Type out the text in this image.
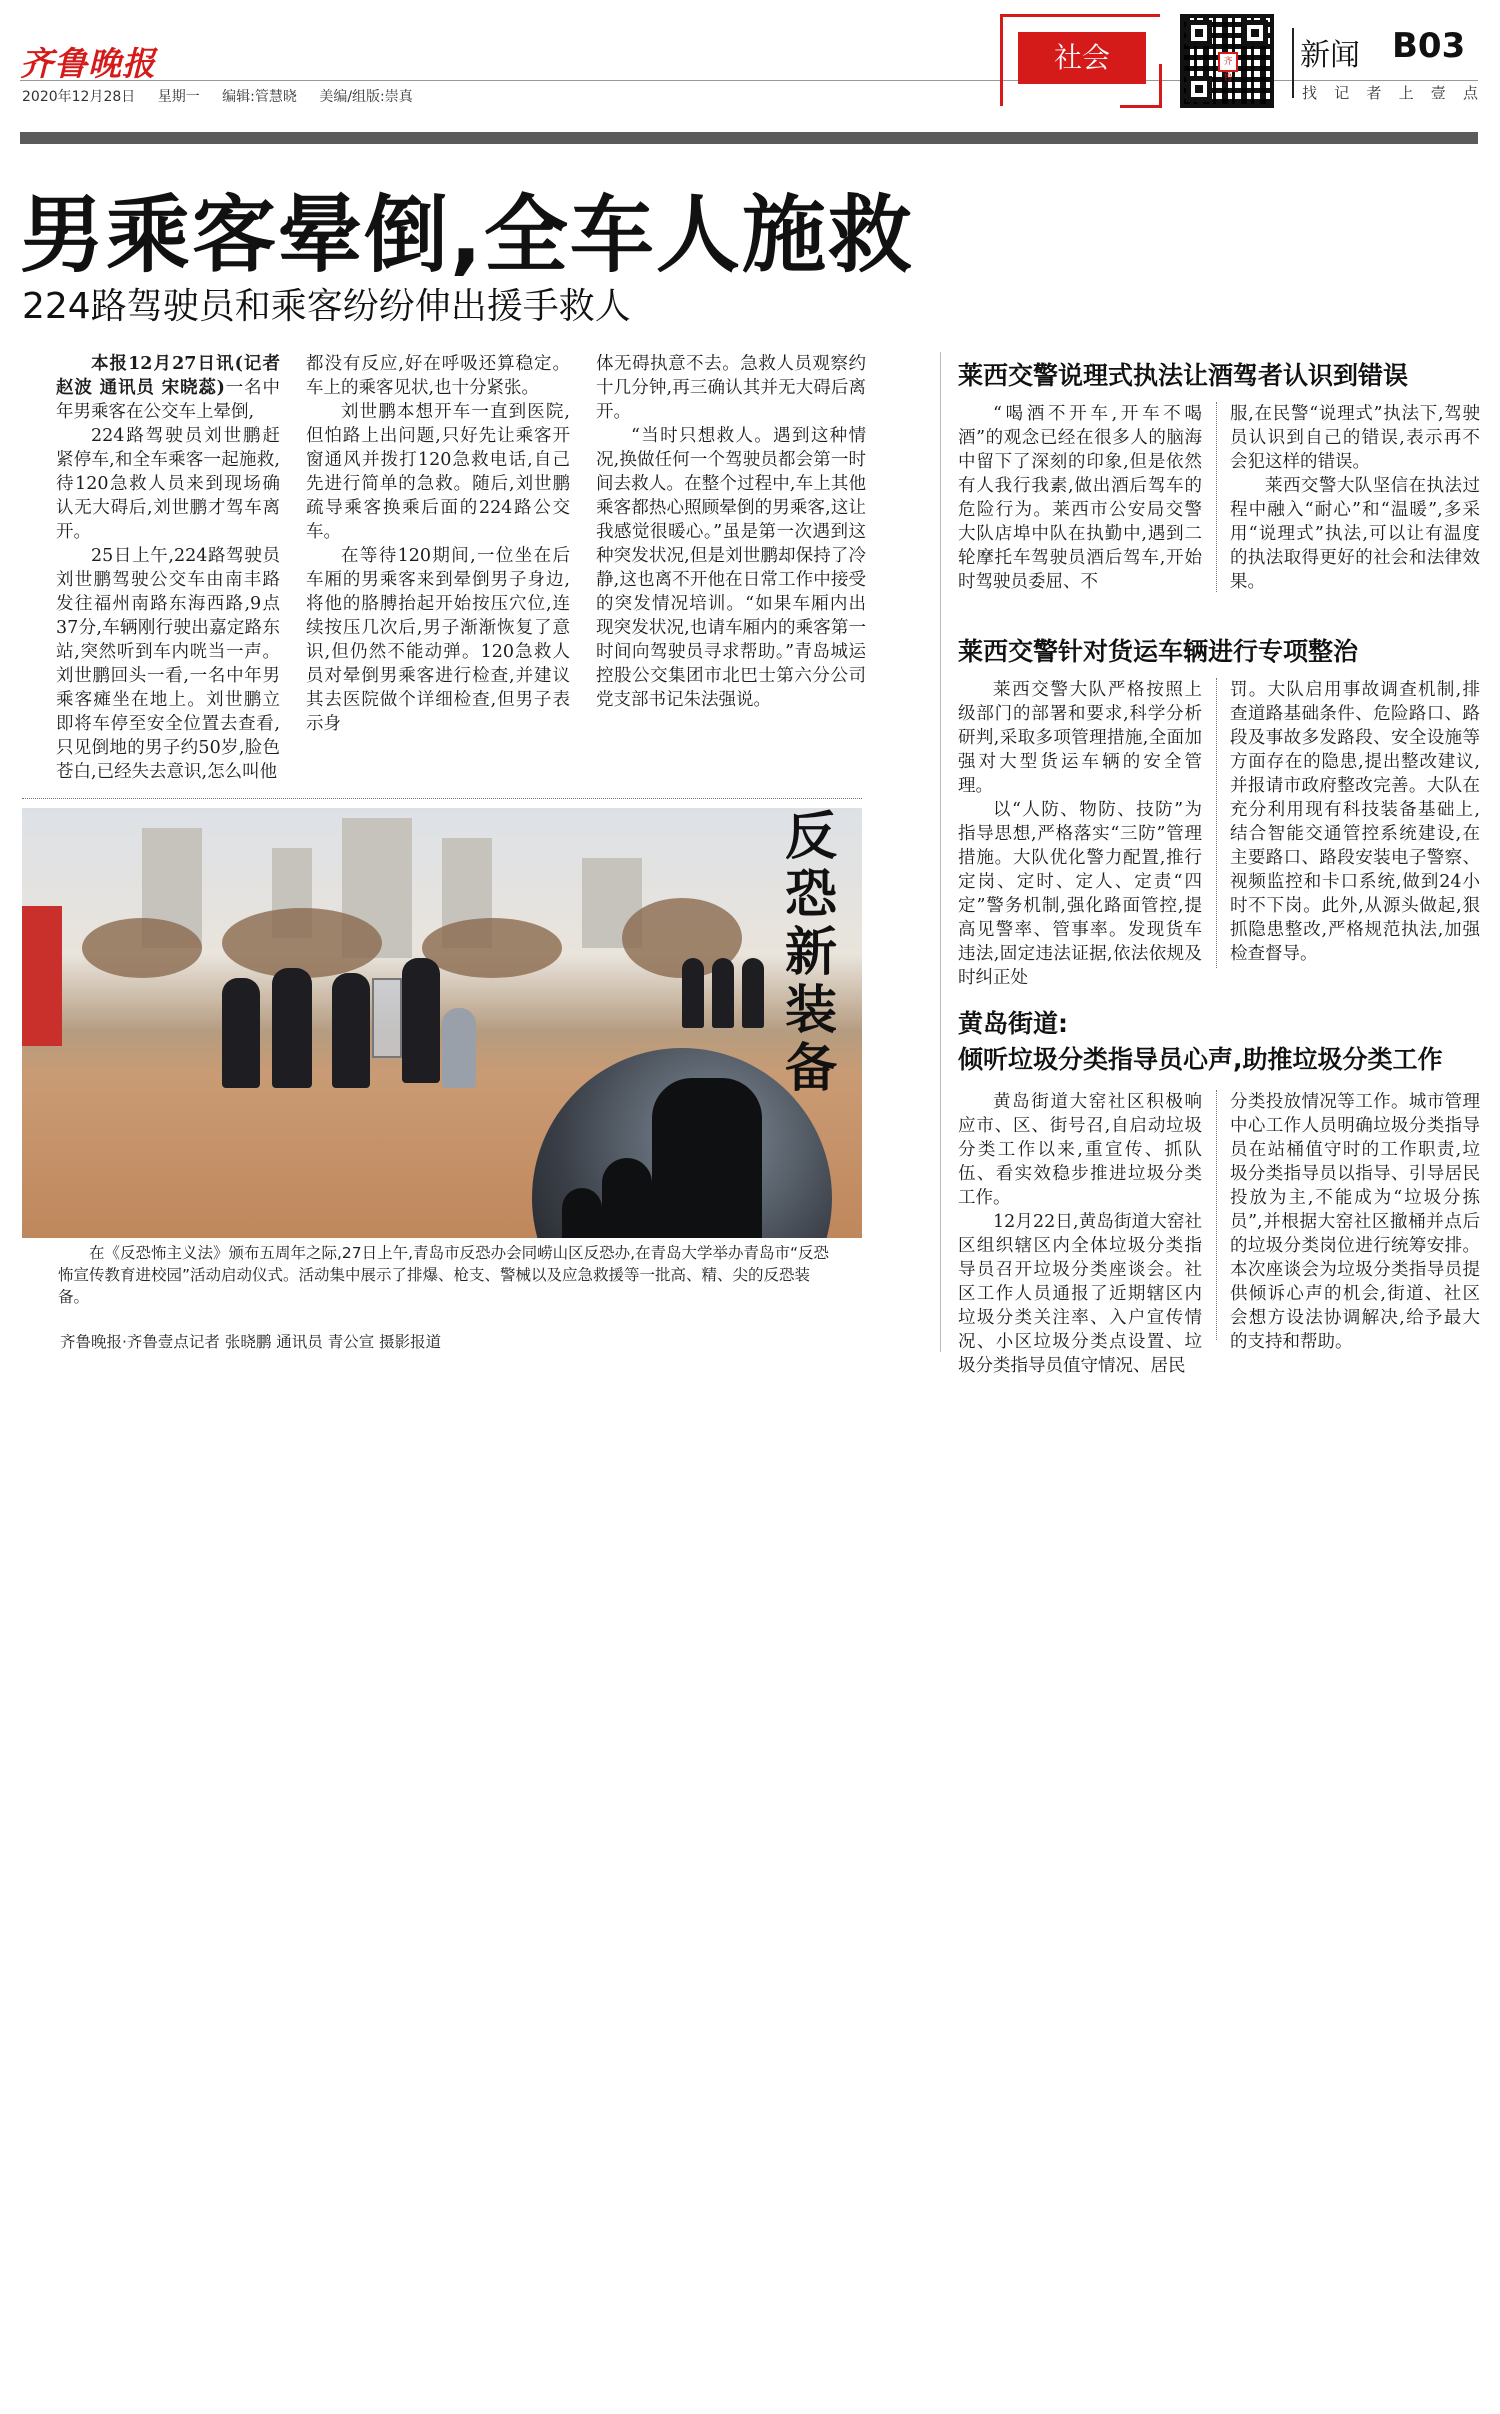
齐鲁晚报
2020年12月28日 星期一 编辑:管慧晓 美编/组版:崇真
社会	齐鲁
新闻 B03
找 记 者 上 壹 点
男乘客晕倒,全车人施救
224路驾驶员和乘客纷纷伸出援手救人

本报12月27日讯(记者 赵波 通讯员 宋晓蕊)一名中年男乘客在公交车上晕倒,

224路驾驶员刘世鹏赶紧停车,和全车乘客一起施救,待120急救人员来到现场确认无大碍后,刘世鹏才驾车离开。

25日上午,224路驾驶员刘世鹏驾驶公交车由南丰路发往福州南路东海西路,9点37分,车辆刚行驶出嘉定路东站,突然听到车内咣当一声。刘世鹏回头一看,一名中年男乘客瘫坐在地上。刘世鹏立即将车停至安全位置去查看,只见倒地的男子约50岁,脸色苍白,已经失去意识,怎么叫他

都没有反应,好在呼吸还算稳定。车上的乘客见状,也十分紧张。

刘世鹏本想开车一直到医院,但怕路上出问题,只好先让乘客开窗通风并拨打120急救电话,自己先进行简单的急救。随后,刘世鹏疏导乘客换乘后面的224路公交车。

在等待120期间,一位坐在后车厢的男乘客来到晕倒男子身边,将他的胳膊抬起开始按压穴位,连续按压几次后,男子渐渐恢复了意识,但仍然不能动弹。120急救人员对晕倒男乘客进行检查,并建议其去医院做个详细检查,但男子表示身

体无碍执意不去。急救人员观察约十几分钟,再三确认其并无大碍后离开。

“当时只想救人。遇到这种情况,换做任何一个驾驶员都会第一时间去救人。在整个过程中,车上其他乘客都热心照顾晕倒的男乘客,这让我感觉很暖心。”虽是第一次遇到这种突发状况,但是刘世鹏却保持了冷静,这也离不开他在日常工作中接受的突发情况培训。“如果车厢内出现突发状况,也请车厢内的乘客第一时间向驾驶员寻求帮助。”青岛城运控股公交集团市北巴士第六分公司党支部书记朱法强说。

反恐新装备
在《反恐怖主义法》颁布五周年之际,27日上午,青岛市反恐办会同崂山区反恐办,在青岛大学举办青岛市“反恐怖宣传教育进校园”活动启动仪式。活动集中展示了排爆、枪支、警械以及应急救援等一批高、精、尖的反恐装备。
齐鲁晚报·齐鲁壹点记者 张晓鹏 通讯员 青公宣 摄影报道
莱西交警说理式执法让酒驾者认识到错误

“喝酒不开车,开车不喝酒”的观念已经在很多人的脑海中留下了深刻的印象,但是依然有人我行我素,做出酒后驾车的危险行为。莱西市公安局交警大队店埠中队在执勤中,遇到二轮摩托车驾驶员酒后驾车,开始时驾驶员委屈、不

服,在民警“说理式”执法下,驾驶员认识到自己的错误,表示再不会犯这样的错误。

莱西交警大队坚信在执法过程中融入“耐心”和“温暖”,多采用“说理式”执法,可以让有温度的执法取得更好的社会和法律效果。

莱西交警针对货运车辆进行专项整治

莱西交警大队严格按照上级部门的部署和要求,科学分析研判,采取多项管理措施,全面加强对大型货运车辆的安全管理。

以“人防、物防、技防”为指导思想,严格落实“三防”管理措施。大队优化警力配置,推行定岗、定时、定人、定责“四定”警务机制,强化路面管控,提高见警率、管事率。发现货车违法,固定违法证据,依法依规及时纠正处

罚。大队启用事故调查机制,排查道路基础条件、危险路口、路段及事故多发路段、安全设施等方面存在的隐患,提出整改建议,并报请市政府整改完善。大队在充分利用现有科技装备基础上,结合智能交通管控系统建设,在主要路口、路段安装电子警察、视频监控和卡口系统,做到24小时不下岗。此外,从源头做起,狠抓隐患整改,严格规范执法,加强检查督导。

黄岛街道:
倾听垃圾分类指导员心声,助推垃圾分类工作

黄岛街道大窑社区积极响应市、区、街号召,自启动垃圾分类工作以来,重宣传、抓队伍、看实效稳步推进垃圾分类工作。

12月22日,黄岛街道大窑社区组织辖区内全体垃圾分类指导员召开垃圾分类座谈会。社区工作人员通报了近期辖区内垃圾分类关注率、入户宣传情况、小区垃圾分类点设置、垃圾分类指导员值守情况、居民

分类投放情况等工作。城市管理中心工作人员明确垃圾分类指导员在站桶值守时的工作职责,垃圾分类指导员以指导、引导居民投放为主,不能成为“垃圾分拣员”,并根据大窑社区撤桶并点后的垃圾分类岗位进行统筹安排。本次座谈会为垃圾分类指导员提供倾诉心声的机会,街道、社区会想方设法协调解决,给予最大的支持和帮助。
